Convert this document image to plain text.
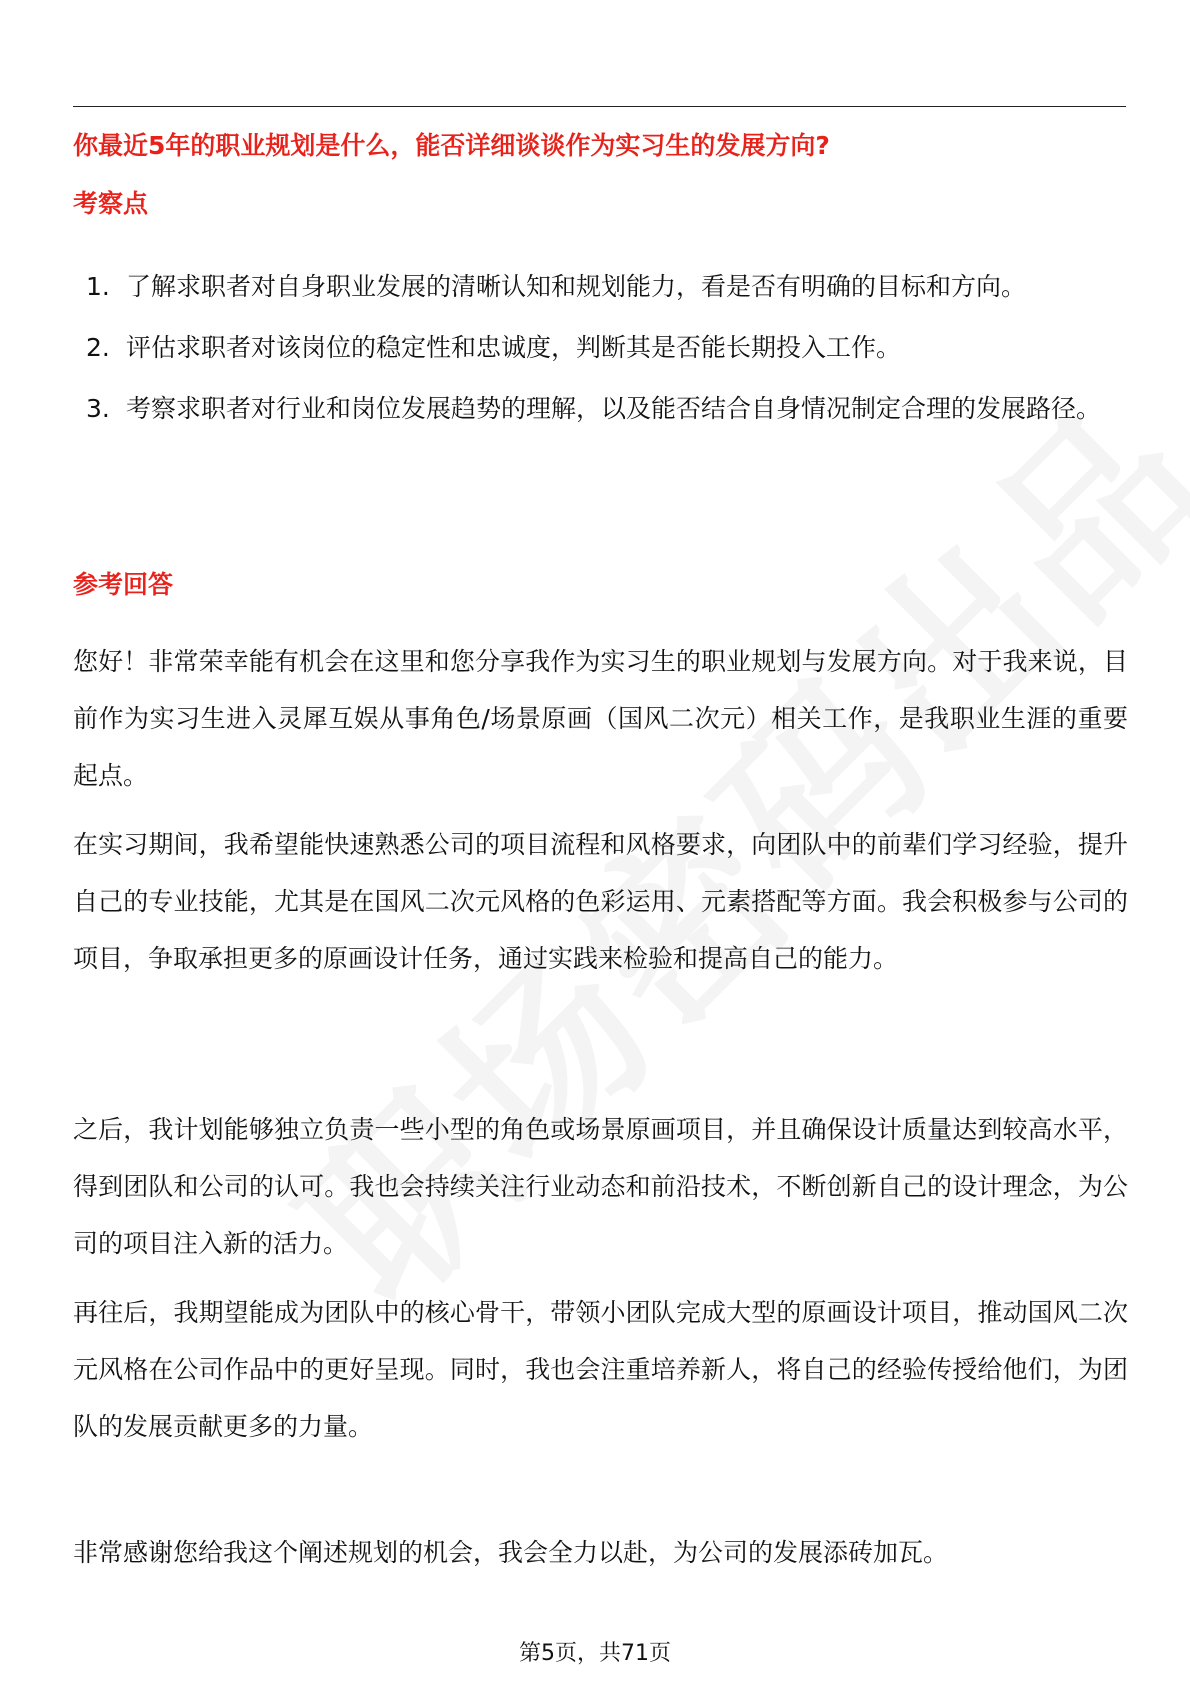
你最近5年的职业规划是什么，能否详细谈谈作为实习生的发展方向?
考察点
1. 了解求职者对自身职业发展的清晰认知和规划能力，看是否有明确的目标和方向。
2. 评估求职者对该岗位的稳定性和忠诚度，判断其是否能长期投入工作。
3. 考察求职者对行业和岗位发展趋势的理解，以及能否结合自身情况制定合理的发展路径。
参考回答

您好！非常荣幸能有机会在这里和您分享我作为实习生的职业规划与发展方向。对于我来说，目前作为实习生进入灵犀互娱从事角色/场景原画（国风二次元）相关工作，是我职业生涯的重要起点。

在实习期间，我希望能快速熟悉公司的项目流程和风格要求，向团队中的前辈们学习经验，提升自己的专业技能，尤其是在国风二次元风格的色彩运用、元素搭配等方面。我会积极参与公司的项目，争取承担更多的原画设计任务，通过实践来检验和提高自己的能力。

之后，我计划能够独立负责一些小型的角色或场景原画项目，并且确保设计质量达到较高水平，得到团队和公司的认可。我也会持续关注行业动态和前沿技术，不断创新自己的设计理念，为公司的项目注入新的活力。

再往后，我期望能成为团队中的核心骨干，带领小团队完成大型的原画设计项目，推动国风二次元风格在公司作品中的更好呈现。同时，我也会注重培养新人，将自己的经验传授给他们，为团队的发展贡献更多的力量。

非常感谢您给我这个阐述规划的机会，我会全力以赴，为公司的发展添砖加瓦。

第5页，共71页
